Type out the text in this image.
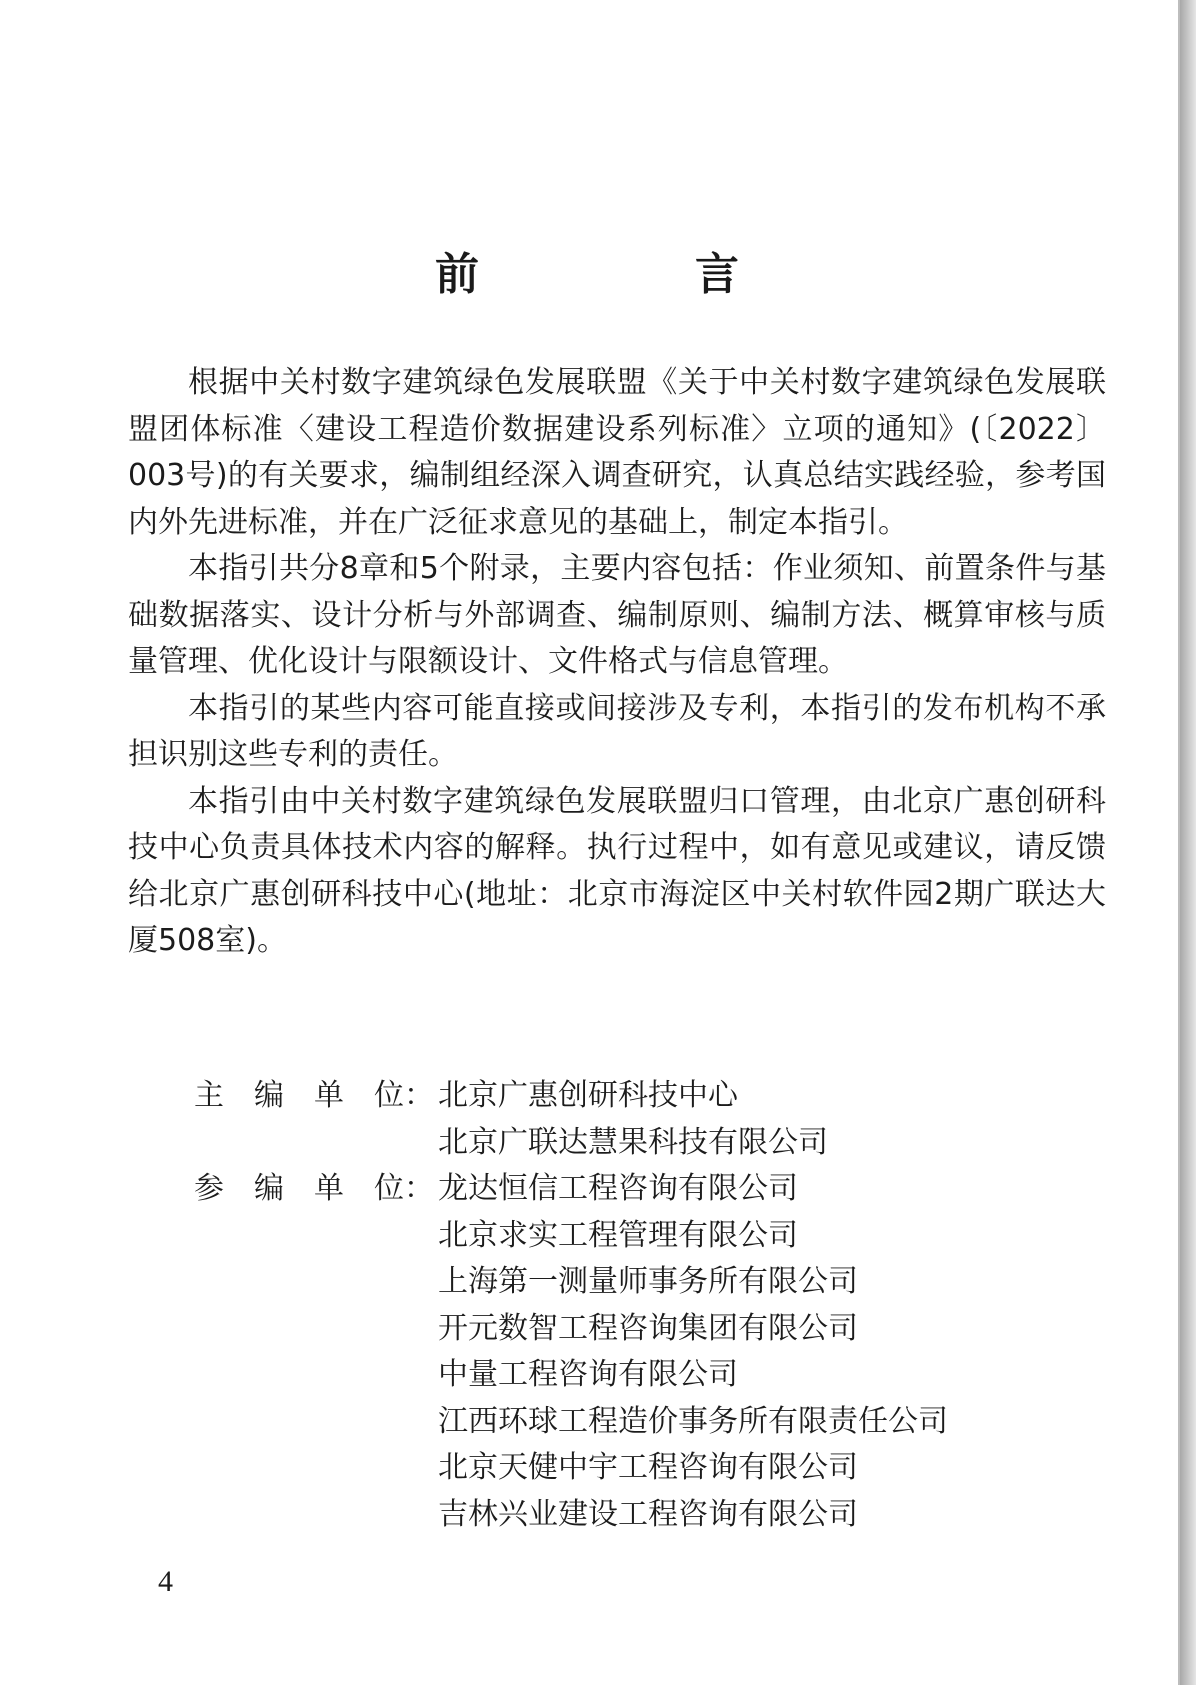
前　言

根据中关村数字建筑绿色发展联盟《关于中关村数字建筑绿色发展联盟团体标准〈建设工程造价数据建设系列标准〉立项的通知》(〔2022〕003号)的有关要求，编制组经深入调查研究，认真总结实践经验，参考国内外先进标准，并在广泛征求意见的基础上，制定本指引。

本指引共分8章和5个附录，主要内容包括：作业须知、前置条件与基础数据落实、设计分析与外部调查、编制原则、编制方法、概算审核与质量管理、优化设计与限额设计、文件格式与信息管理。

本指引的某些内容可能直接或间接涉及专利，本指引的发布机构不承担识别这些专利的责任。

本指引由中关村数字建筑绿色发展联盟归口管理，由北京广惠创研科技中心负责具体技术内容的解释。执行过程中，如有意见或建议，请反馈给北京广惠创研科技中心(地址：北京市海淀区中关村软件园2期广联达大厦508室)。

主　编　单　位： 北京广惠创研科技中心
北京广联达慧果科技有限公司
参　编　单　位： 龙达恒信工程咨询有限公司
北京求实工程管理有限公司
上海第一测量师事务所有限公司
开元数智工程咨询集团有限公司
中量工程咨询有限公司
江西环球工程造价事务所有限责任公司
北京天健中宇工程咨询有限公司
吉林兴业建设工程咨询有限公司
4
